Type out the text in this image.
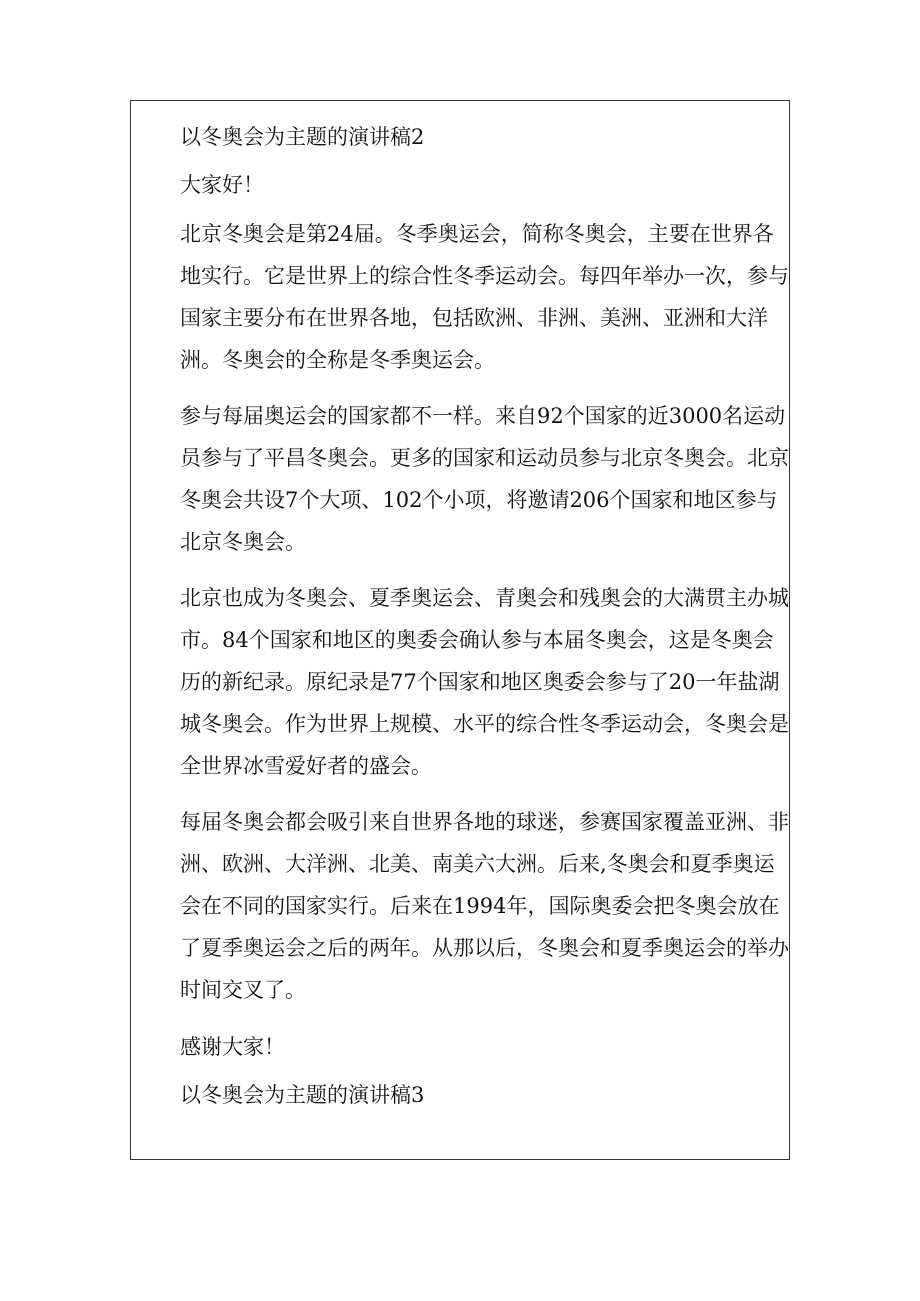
以冬奥会为主题的演讲稿2

大家好！

北京冬奥会是第24届。冬季奥运会，简称冬奥会，主要在世界各地实行。它是世界上的综合性冬季运动会。每四年举办一次，参与国家主要分布在世界各地，包括欧洲、非洲、美洲、亚洲和大洋洲。冬奥会的全称是冬季奥运会。

参与每届奥运会的国家都不一样。来自92个国家的近3000名运动员参与了平昌冬奥会。更多的国家和运动员参与北京冬奥会。北京冬奥会共设7个大项、102个小项，将邀请206个国家和地区参与北京冬奥会。

北京也成为冬奥会、夏季奥运会、青奥会和残奥会的大满贯主办城市。84个国家和地区的奥委会确认参与本届冬奥会，这是冬奥会历的新纪录。原纪录是77个国家和地区奥委会参与了20一年盐湖城冬奥会。作为世界上规模、水平的综合性冬季运动会，冬奥会是全世界冰雪爱好者的盛会。

每届冬奥会都会吸引来自世界各地的球迷，参赛国家覆盖亚洲、非洲、欧洲、大洋洲、北美、南美六大洲。后来,冬奥会和夏季奥运会在不同的国家实行。后来在1994年，国际奥委会把冬奥会放在了夏季奥运会之后的两年。从那以后，冬奥会和夏季奥运会的举办时间交叉了。

感谢大家！

以冬奥会为主题的演讲稿3
